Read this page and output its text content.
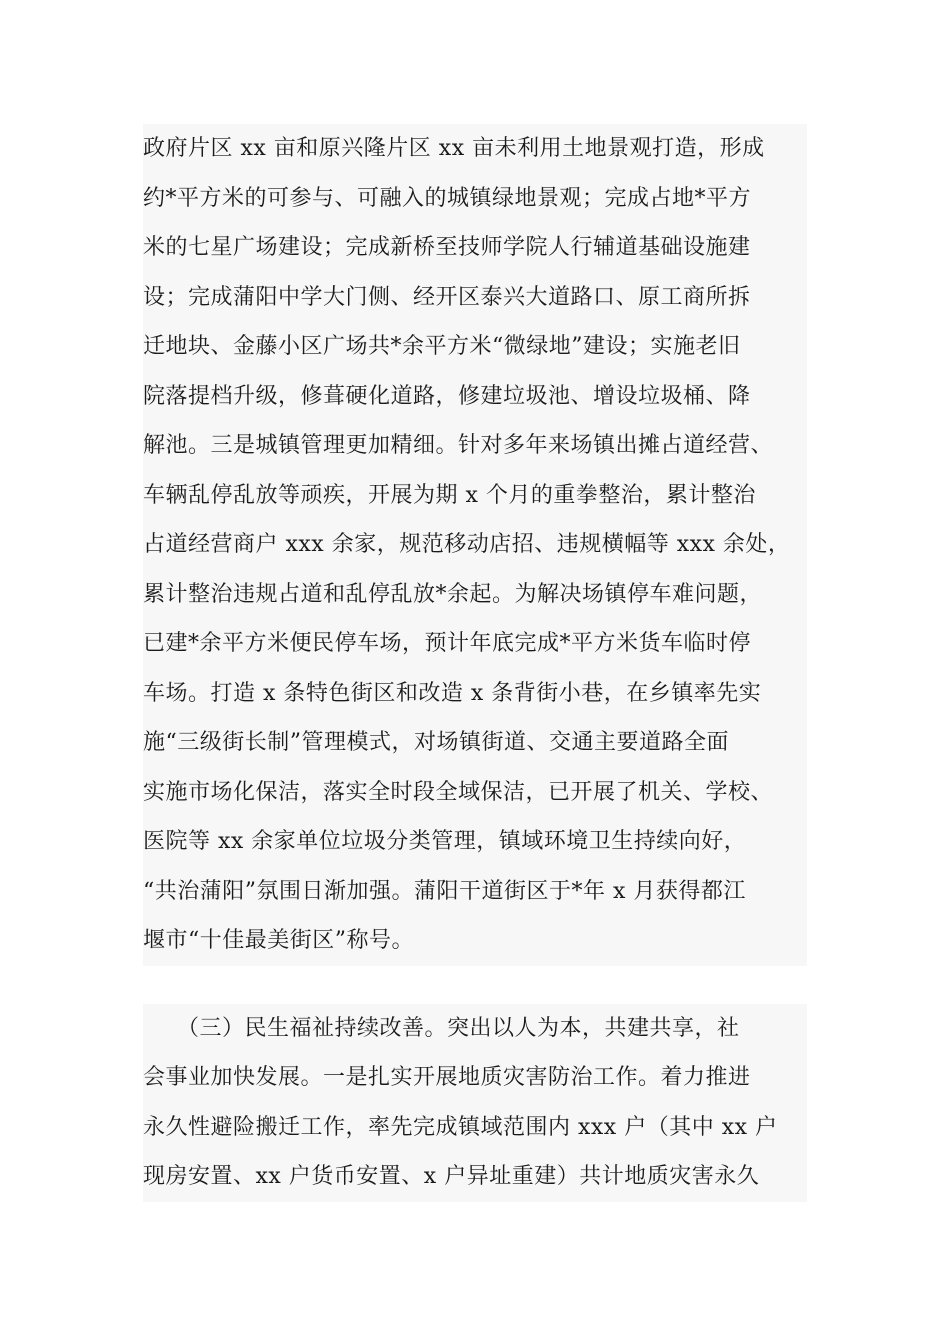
政府片区 xx 亩和原兴隆片区 xx 亩未利用土地景观打造，形成
约*平方米的可参与、可融入的城镇绿地景观；完成占地*平方
米的七星广场建设；完成新桥至技师学院人行辅道基础设施建
设；完成蒲阳中学大门侧、经开区泰兴大道路口、原工商所拆
迁地块、金藤小区广场共*余平方米“微绿地”建设；实施老旧
院落提档升级，修葺硬化道路，修建垃圾池、增设垃圾桶、降
解池。三是城镇管理更加精细。针对多年来场镇出摊占道经营、
车辆乱停乱放等顽疾，开展为期 x 个月的重拳整治，累计整治
占道经营商户 xxx 余家，规范移动店招、违规横幅等 xxx 余处，
累计整治违规占道和乱停乱放*余起。为解决场镇停车难问题，
已建*余平方米便民停车场，预计年底完成*平方米货车临时停
车场。打造 x 条特色街区和改造 x 条背街小巷，在乡镇率先实
施“三级街长制”管理模式，对场镇街道、交通主要道路全面
实施市场化保洁，落实全时段全域保洁，已开展了机关、学校、
医院等 xx 余家单位垃圾分类管理，镇域环境卫生持续向好，
“共治蒲阳”氛围日渐加强。蒲阳干道街区于*年 x 月获得都江
堰市“十佳最美街区”称号。
　　（三）民生福祉持续改善。突出以人为本，共建共享，社
会事业加快发展。一是扎实开展地质灾害防治工作。着力推进
永久性避险搬迁工作，率先完成镇域范围内 xxx 户（其中 xx 户
现房安置、xx 户货币安置、x 户异址重建）共计地质灾害永久
